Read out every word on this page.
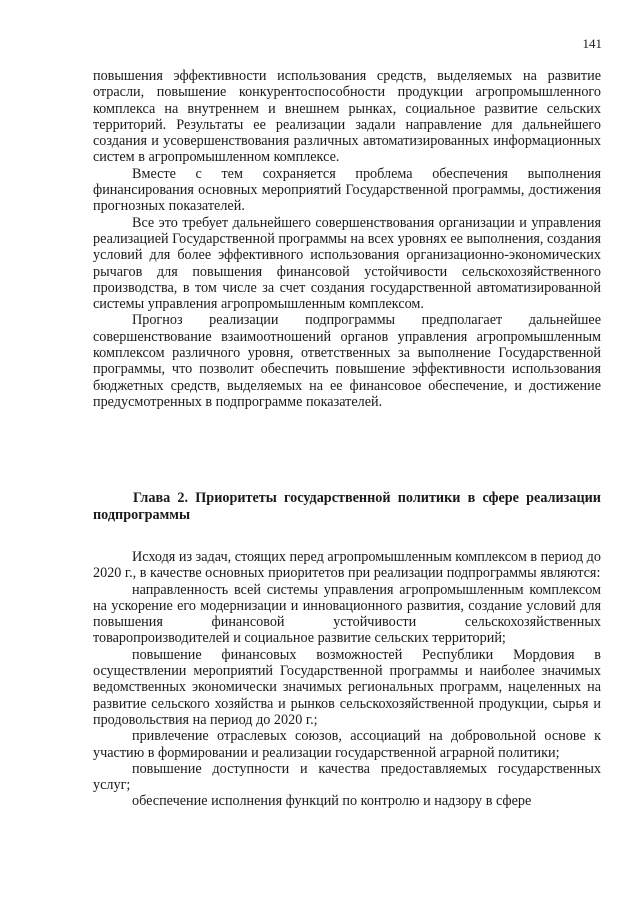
141

повышения эффективности использования средств, выделяемых на развитие отрасли, повышение конкурентоспособности продукции агропромышленного комплекса на внутреннем и внешнем рынках, социальное развитие сельских территорий. Результаты ее реализации задали направление для дальнейшего создания и усовершенствования различных автоматизированных информационных систем в агропромышленном комплексе.

Вместе с тем сохраняется проблема обеспечения выполнения финансирования основных мероприятий Государственной программы, достижения прогнозных показателей.

Все это требует дальнейшего совершенствования организации и управления реализацией Государственной программы на всех уровнях ее выполнения, создания условий для более эффективного использования организационно-экономических рычагов для повышения финансовой устойчивости сельскохозяйственного производства, в том числе за счет создания государственной автоматизированной системы управления агропромышленным комплексом.

Прогноз реализации подпрограммы предполагает дальнейшее совершенствование взаимоотношений органов управления агропромышленным комплексом различного уровня, ответственных за выполнение Государственной программы, что позволит обеспечить повышение эффективности использования бюджетных средств, выделяемых на ее финансовое обеспечение, и достижение предусмотренных в подпрограмме показателей.

Глава 2. Приоритеты государственной политики в сфере реализации подпрограммы

Исходя из задач, стоящих перед агропромышленным комплексом в период до 2020 г., в качестве основных приоритетов при реализации подпрограммы являются:

направленность всей системы управления агропромышленным комплексом на ускорение его модернизации и инновационного развития, создание условий для повышения финансовой устойчивости сельскохозяйственных товаропроизводителей и социальное развитие сельских территорий;

повышение финансовых возможностей Республики Мордовия в осуществлении мероприятий Государственной программы и наиболее значимых ведомственных экономически значимых региональных программ, нацеленных на развитие сельского хозяйства и рынков сельскохозяйственной продукции, сырья и продовольствия на период до 2020 г.;

привлечение отраслевых союзов, ассоциаций на добровольной основе к участию в формировании и реализации государственной аграрной политики;

повышение доступности и качества предоставляемых государственных услуг;

обеспечение исполнения функций по контролю и надзору в сфере
